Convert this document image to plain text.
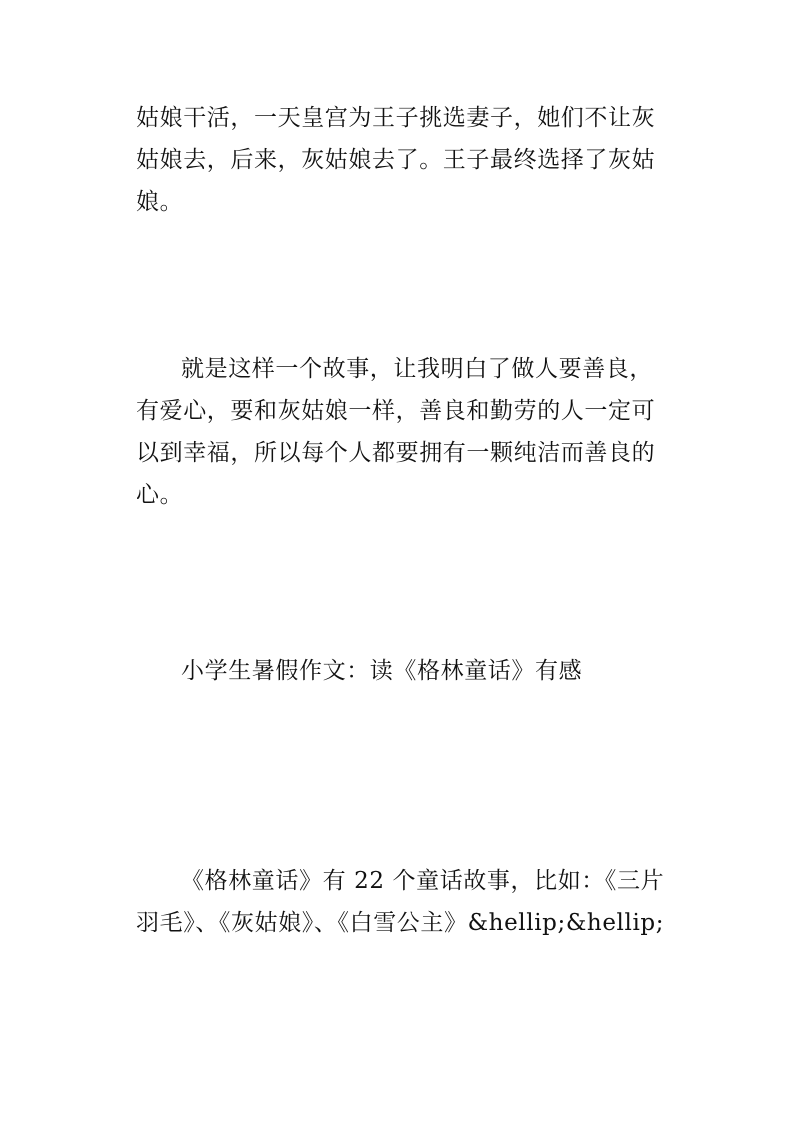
姑娘干活，一天皇宫为王子挑选妻子，她们不让灰
姑娘去，后来，灰姑娘去了。王子最终选择了灰姑
娘。
就是这样一个故事，让我明白了做人要善良，
有爱心，要和灰姑娘一样，善良和勤劳的人一定可
以到幸福，所以每个人都要拥有一颗纯洁而善良的
心。
小学生暑假作文：读《格林童话》有感
《格林童话》有 22 个童话故事，比如：《三片
羽毛》、《灰姑娘》、《白雪公主》&hellip;&hellip;
